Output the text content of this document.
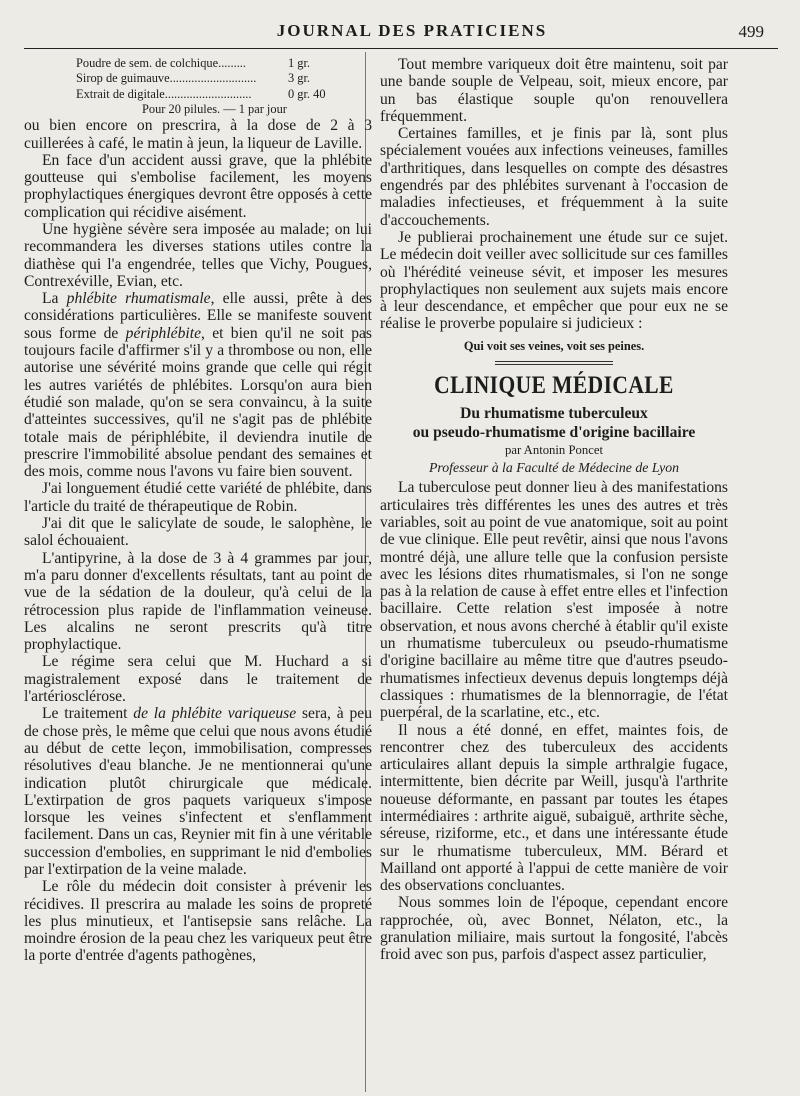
JOURNAL DES PRATICIENS	499
Poudre de sem. de colchique.........	1 gr.
Sirop de guimauve............................	3 gr.
Extrait de digitale............................	0 gr. 40
Pour 20 pilules. — 1 par jour

ou bien encore on prescrira, à la dose de 2 à 3 cuillerées à café, le matin à jeun, la liqueur de Laville.

En face d'un accident aussi grave, que la phlébite goutteuse qui s'embolise facilement, les moyens prophylactiques énergiques devront être opposés à cette complication qui récidive aisément.

Une hygiène sévère sera imposée au malade; on lui recommandera les diverses stations utiles contre la diathèse qui l'a engendrée, telles que Vichy, Pougues, Contrexéville, Evian, etc.

La phlébite rhumatismale, elle aussi, prête à des considérations particulières. Elle se manifeste souvent sous forme de périphlébite, et bien qu'il ne soit pas toujours facile d'affirmer s'il y a thrombose ou non, elle autorise une sévérité moins grande que celle qui régit les autres variétés de phlébites. Lorsqu'on aura bien étudié son malade, qu'on se sera convaincu, à la suite d'atteintes successives, qu'il ne s'agit pas de phlébite totale mais de périphlébite, il deviendra inutile de prescrire l'immobilité absolue pendant des semaines et des mois, comme nous l'avons vu faire bien souvent.

J'ai longuement étudié cette variété de phlébite, dans l'article du traité de thérapeutique de Robin.

J'ai dit que le salicylate de soude, le salophène, le salol échouaient.

L'antipyrine, à la dose de 3 à 4 grammes par jour, m'a paru donner d'excellents résultats, tant au point de vue de la sédation de la douleur, qu'à celui de la rétrocession plus rapide de l'inflammation veineuse. Les alcalins ne seront prescrits qu'à titre prophylactique.

Le régime sera celui que M. Huchard a si magistralement exposé dans le traitement de l'artériosclérose.

Le traitement de la phlébite variqueuse sera, à peu de chose près, le même que celui que nous avons étudié au début de cette leçon, immobilisation, compresses résolutives d'eau blanche. Je ne mentionnerai qu'une indication plutôt chirurgicale que médicale. L'extirpation de gros paquets variqueux s'impose lorsque les veines s'infectent et s'enflamment facilement. Dans un cas, Reynier mit fin à une véritable succession d'embolies, en supprimant le nid d'embolies par l'extirpation de la veine malade.

Le rôle du médecin doit consister à prévenir les récidives. Il prescrira au malade les soins de propreté les plus minutieux, et l'antisepsie sans relâche. La moindre érosion de la peau chez les variqueux peut être la porte d'entrée d'agents pathogènes,

Tout membre variqueux doit être maintenu, soit par une bande souple de Velpeau, soit, mieux encore, par un bas élastique souple qu'on renouvellera fréquemment.

Certaines familles, et je finis par là, sont plus spécialement vouées aux infections veineuses, familles d'arthritiques, dans lesquelles on compte des désastres engendrés par des phlébites survenant à l'occasion de maladies infectieuses, et fréquemment à la suite d'accouchements.

Je publierai prochainement une étude sur ce sujet. Le médecin doit veiller avec sollicitude sur ces familles où l'hérédité veineuse sévit, et imposer les mesures prophylactiques non seulement aux sujets mais encore à leur descendance, et empêcher que pour eux ne se réalise le proverbe populaire si judicieux :

Qui voit ses veines, voit ses peines.
CLINIQUE MÉDICALE
Du rhumatisme tuberculeux
ou pseudo-rhumatisme d'origine bacillaire
par Antonin Poncet
Professeur à la Faculté de Médecine de Lyon

La tuberculose peut donner lieu à des manifestations articulaires très différentes les unes des autres et très variables, soit au point de vue anatomique, soit au point de vue clinique. Elle peut revêtir, ainsi que nous l'avons montré déjà, une allure telle que la confusion persiste avec les lésions dites rhumatismales, si l'on ne songe pas à la relation de cause à effet entre elles et l'infection bacillaire. Cette relation s'est imposée à notre observation, et nous avons cherché à établir qu'il existe un rhumatisme tuberculeux ou pseudo-rhumatisme d'origine bacillaire au même titre que d'autres pseudo-rhumatismes infectieux devenus depuis longtemps déjà classiques : rhumatismes de la blennorragie, de l'état puerpéral, de la scarlatine, etc., etc.

Il nous a été donné, en effet, maintes fois, de rencontrer chez des tuberculeux des accidents articulaires allant depuis la simple arthralgie fugace, intermittente, bien décrite par Weill, jusqu'à l'arthrite noueuse déformante, en passant par toutes les étapes intermédiaires : arthrite aiguë, subaiguë, arthrite sèche, séreuse, riziforme, etc., et dans une intéressante étude sur le rhumatisme tuberculeux, MM. Bérard et Mailland ont apporté à l'appui de cette manière de voir des observations concluantes.

Nous sommes loin de l'époque, cependant encore rapprochée, où, avec Bonnet, Nélaton, etc., la granulation miliaire, mais surtout la fongosité, l'abcès froid avec son pus, parfois d'aspect assez particulier,
